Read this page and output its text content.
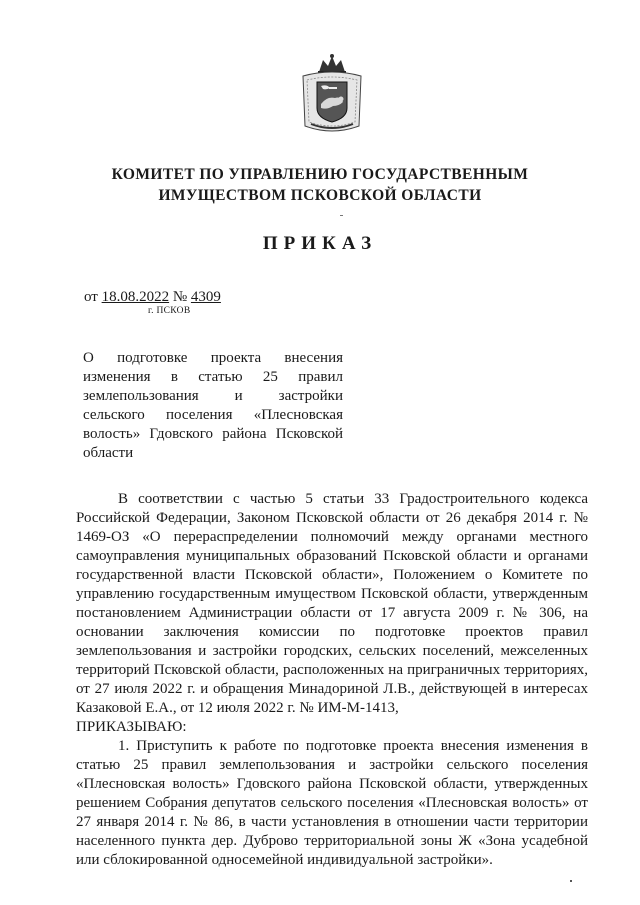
КОМИТЕТ ПО УПРАВЛЕНИЮ ГОСУДАРСТВЕННЫМ
ИМУЩЕСТВОМ ПСКОВСКОЙ ОБЛАСТИ
ПРИКАЗ
от 18.08.2022 № 4309
г. ПСКОВ
О подготовке проекта внесения изменения в статью 25 правил землепользования и застройки сельского поселения «Плесновская волость» Гдовского района Псковской области

В соответствии с частью 5 статьи 33 Градостроительного кодекса Российской Федерации, Законом Псковской области от 26 декабря 2014 г. № 1469-ОЗ «О перераспределении полномочий между органами местного самоуправления муниципальных образований Псковской области и органами государственной власти Псковской области», Положением о Комитете по управлению государственным имуществом Псковской области, утвержденным постановлением Администрации области от 17 августа 2009 г. № 306, на основании заключения комиссии по подготовке проектов правил землепользования и застройки городских, сельских поселений, межселенных территорий Псковской области, расположенных на приграничных территориях, от 27 июля 2022 г. и обращения Минадориной Л.В., действующей в интересах Казаковой Е.А., от 12 июля 2022 г. № ИМ-М-1413,

ПРИКАЗЫВАЮ:

1. Приступить к работе по подготовке проекта внесения изменения в статью 25 правил землепользования и застройки сельского поселения «Плесновская волость» Гдовского района Псковской области, утвержденных решением Собрания депутатов сельского поселения «Плесновская волость» от 27 января 2014 г. № 86, в части установления в отношении части территории населенного пункта дер. Дуброво территориальной зоны Ж «Зона усадебной или сблокированной односемейной индивидуальной застройки».
